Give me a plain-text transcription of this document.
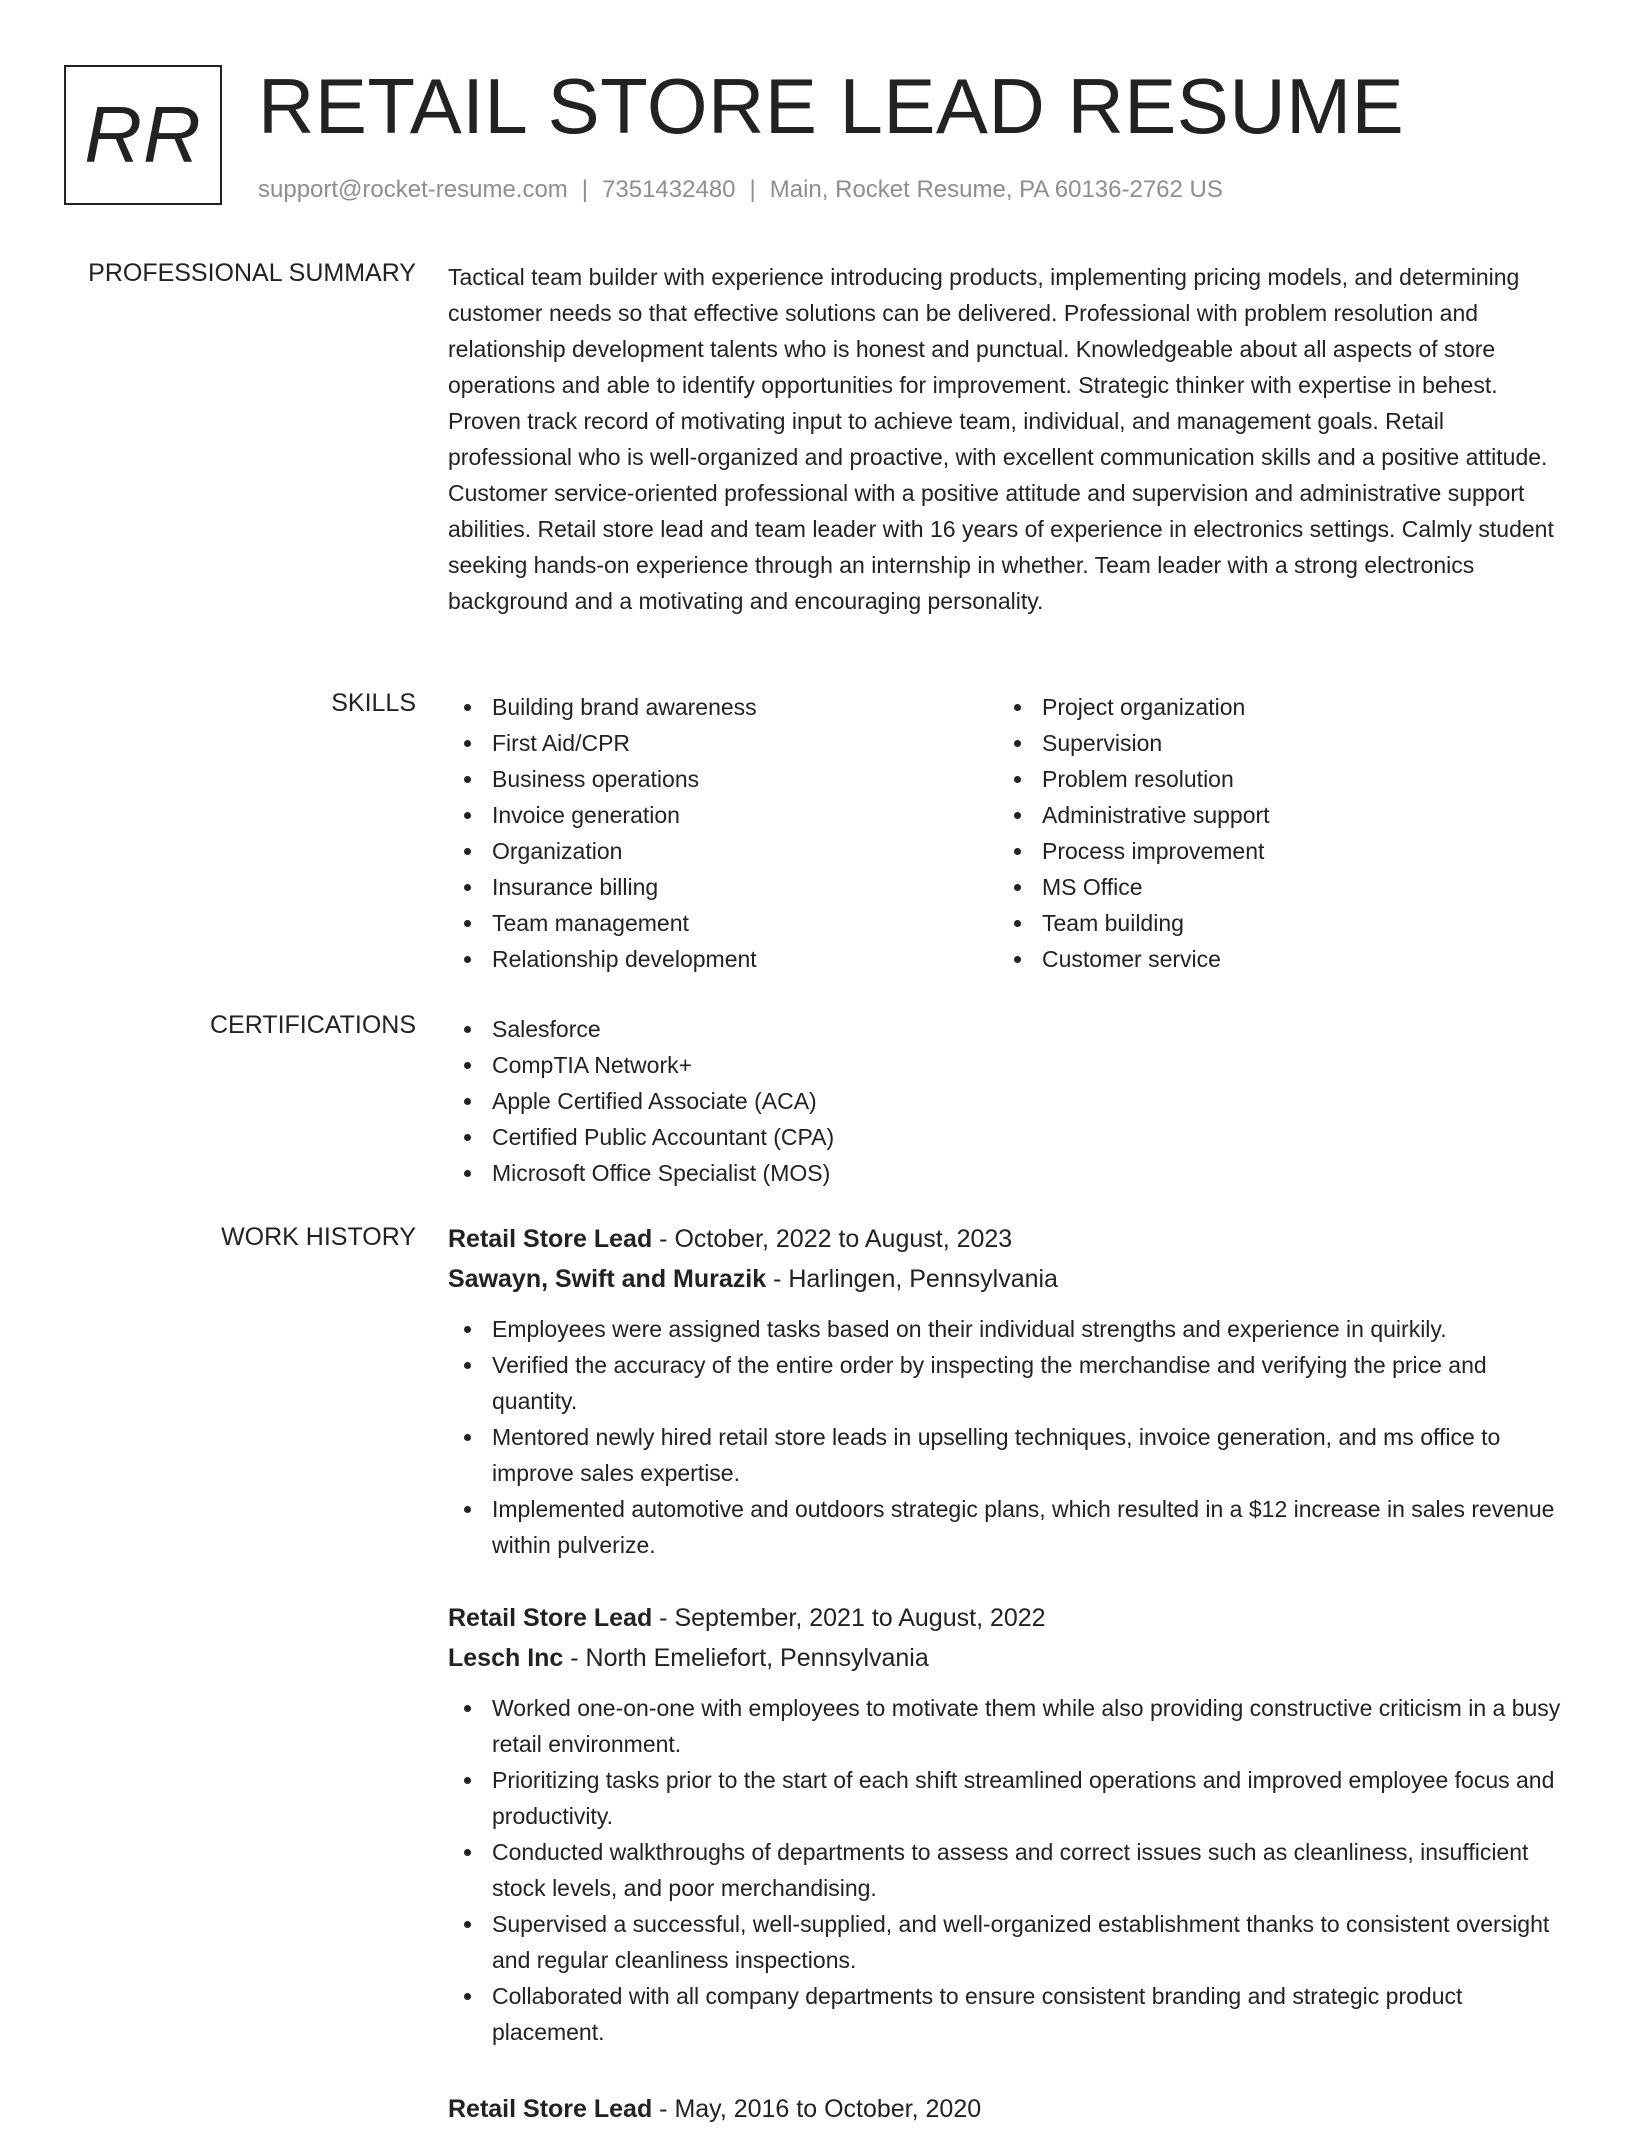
RR RETAIL STORE LEAD RESUME
support@rocket-resume.com | 7351432480 | Main, Rocket Resume, PA 60136-2762 US
PROFESSIONAL SUMMARY Tactical team builder with experience introducing products, implementing pricing models, and determining customer needs so that effective solutions can be delivered. Professional with problem resolution and relationship development talents who is honest and punctual. Knowledgeable about all aspects of store operations and able to identify opportunities for improvement. Strategic thinker with expertise in behest. Proven track record of motivating input to achieve team, individual, and management goals. Retail professional who is well-organized and proactive, with excellent communication skills and a positive attitude. Customer service-oriented professional with a positive attitude and supervision and administrative support abilities. Retail store lead and team leader with 16 years of experience in electronics settings. Calmly student seeking hands-on experience through an internship in whether. Team leader with a strong electronics background and a motivating and encouraging personality.

SKILLS	Building brand awareness
First Aid/CPR
Business operations
Invoice generation
Organization
Insurance billing
Team management
Relationship development
Project organization
Supervision
Problem resolution
Administrative support
Process improvement
MS Office
Team building
Customer service
CERTIFICATIONS	Salesforce
CompTIA Network+
Apple Certified Associate (ACA)
Certified Public Accountant (CPA)
Microsoft Office Specialist (MOS)
WORK HISTORY Retail Store Lead - October, 2022 to August, 2023
Sawayn, Swift and Murazik - Harlingen, Pennsylvania
Employees were assigned tasks based on their individual strengths and experience in quirkily.
Verified the accuracy of the entire order by inspecting the merchandise and verifying the price and quantity.
Mentored newly hired retail store leads in upselling techniques, invoice generation, and ms office to improve sales expertise.
Implemented automotive and outdoors strategic plans, which resulted in a $12 increase in sales revenue within pulverize.
Retail Store Lead - September, 2021 to August, 2022
Lesch Inc - North Emeliefort, Pennsylvania
Worked one-on-one with employees to motivate them while also providing constructive criticism in a busy retail environment.
Prioritizing tasks prior to the start of each shift streamlined operations and improved employee focus and productivity.
Conducted walkthroughs of departments to assess and correct issues such as cleanliness, insufficient stock levels, and poor merchandising.
Supervised a successful, well-supplied, and well-organized establishment thanks to consistent oversight and regular cleanliness inspections.
Collaborated with all company departments to ensure consistent branding and strategic product placement.
Retail Store Lead - May, 2016 to October, 2020
